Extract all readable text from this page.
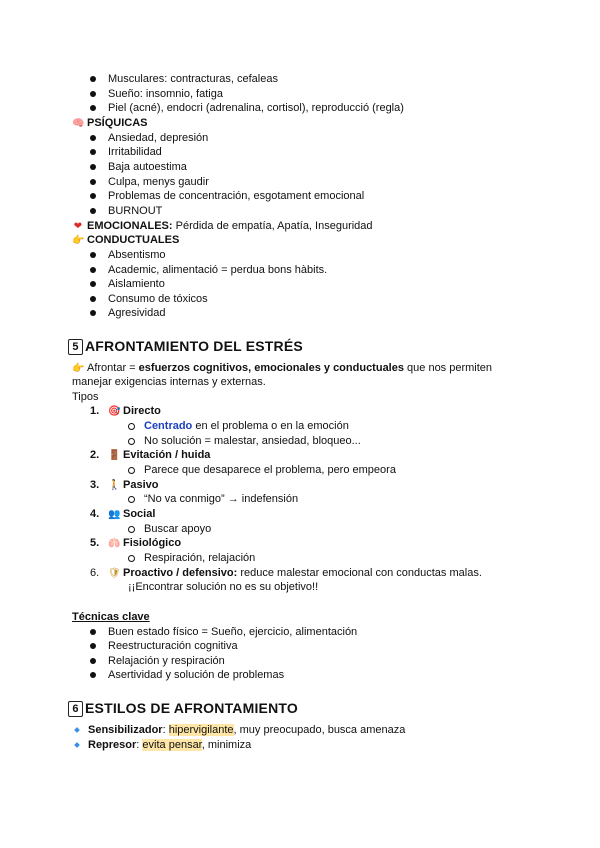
Musculares: contracturas, cefaleas
Sueño: insomnio, fatiga
Piel (acné), endocri (adrenalina, cortisol), reproducció (regla)
🧠 PSÍQUICAS
Ansiedad, depresión
Irritabilidad
Baja autoestima
Culpa, menys gaudir
Problemas de concentración, esgotament emocional
BURNOUT
❤ EMOCIONALES: Pérdida de empatía, Apatía, Inseguridad
👉 CONDUCTUALES
Absentismo
Academic, alimentació = perdua bons hàbits.
Aislamiento
Consumo de tóxicos
Agresividad
5 AFRONTAMIENTO DEL ESTRÉS
👉 Afrontar = esfuerzos cognitivos, emocionales y conductuales que nos permiten
manejar exigencias internas y externas.
Tipos
1. 🎯 Directo
Centrado en el problema o en la emoción
No solución = malestar, ansiedad, bloqueo...
2. 🚪 Evitación / huida
Parece que desaparece el problema, pero empeora
3. 🚶 Pasivo
“No va conmigo” → indefensión
4. 👥 Social
Buscar apoyo
5. 🫁 Fisiológico
Respiración, relajación
6. 🛡 Proactivo / defensivo: reduce malestar emocional con conductas malas.
¡¡Encontrar solución no es su objetivo!!
Técnicas clave
Buen estado físico = Sueño, ejercicio, alimentación
Reestructuración cognitiva
Relajación y respiración
Asertividad y solución de problemas
6 ESTILOS DE AFRONTAMIENTO
Sensibilizador: hipervigilante, muy preocupado, busca amenaza
Represor: evita pensar, minimiza
